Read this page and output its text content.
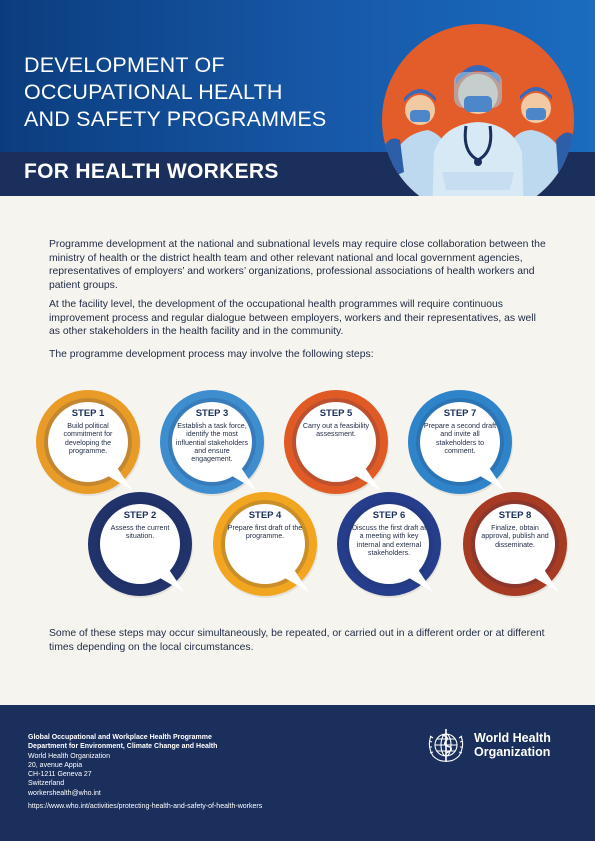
DEVELOPMENT OF
OCCUPATIONAL HEALTH
AND SAFETY PROGRAMMES
FOR HEALTH WORKERS

Programme development at the national and subnational levels may require close collaboration between the ministry of health or the district health team and other relevant national and local government agencies, representatives of employers’ and workers’ organizations, professional associations of health workers and patient groups.

At the facility level, the development of the occupational health programmes will require continuous improvement process and regular dialogue between employers, workers and their representatives, as well as other stakeholders in the health facility and in the community.

The programme development process may involve the following steps:

STEP 1
Build political commitment for developing the programme.
STEP 2
Assess the current situation.
STEP 3
Establish a task force, identify the most influential stakeholders and ensure engagement.
STEP 4
Prepare first draft of the programme.
STEP 5
Carry out a feasibility assessment.
STEP 6
Discuss the first draft at a meeting with key internal and external stakeholders.
STEP 7
Prepare a second draft and invite all stakeholders to comment.
STEP 8
Finalize, obtain approval, publish and disseminate.

Some of these steps may occur simultaneously, be repeated, or carried out in a different order or at different times depending on the local circumstances.

Global Occupational and Workplace Health Programme
Department for Environment, Climate Change and Health
World Health Organization
20, avenue Appia
CH-1211 Geneva 27
Switzerland
workershealth@who.int
https://www.who.int/activities/protecting-health-and-safety-of-health-workers
World Health
Organization
